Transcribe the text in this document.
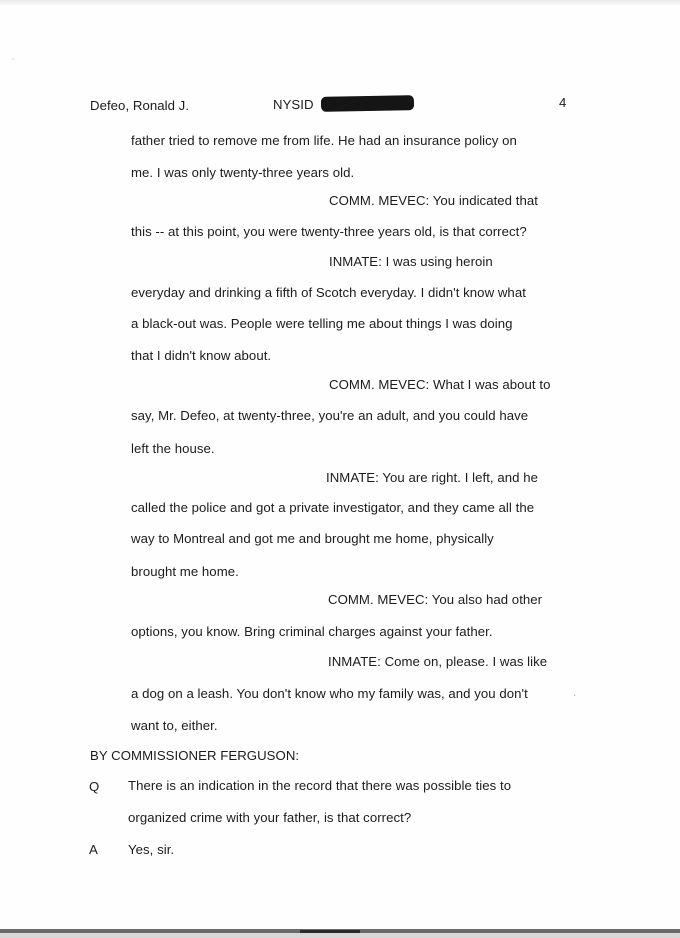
˙
Defeo, Ronald J.	NYSID	4
father tried to remove me from life. He had an insurance policy on
me. I was only twenty-three years old.
COMM. MEVEC: You indicated that
this -- at this point, you were twenty-three years old, is that correct?
INMATE: I was using heroin
everyday and drinking a fifth of Scotch everyday. I didn't know what
a black-out was. People were telling me about things I was doing
that I didn't know about.
COMM. MEVEC: What I was about to
say, Mr. Defeo, at twenty-three, you're an adult, and you could have
left the house.
INMATE: You are right. I left, and he
called the police and got a private investigator, and they came all the
way to Montreal and got me and brought me home, physically
brought me home.
COMM. MEVEC: You also had other
options, you know. Bring criminal charges against your father.
INMATE: Come on, please. I was like
a dog on a leash. You don't know who my family was, and you don't
want to, either.
BY COMMISSIONER FERGUSON:
Q There is an indication in the record that there was possible ties to
organized crime with your father, is that correct?
A Yes, sir.
·
